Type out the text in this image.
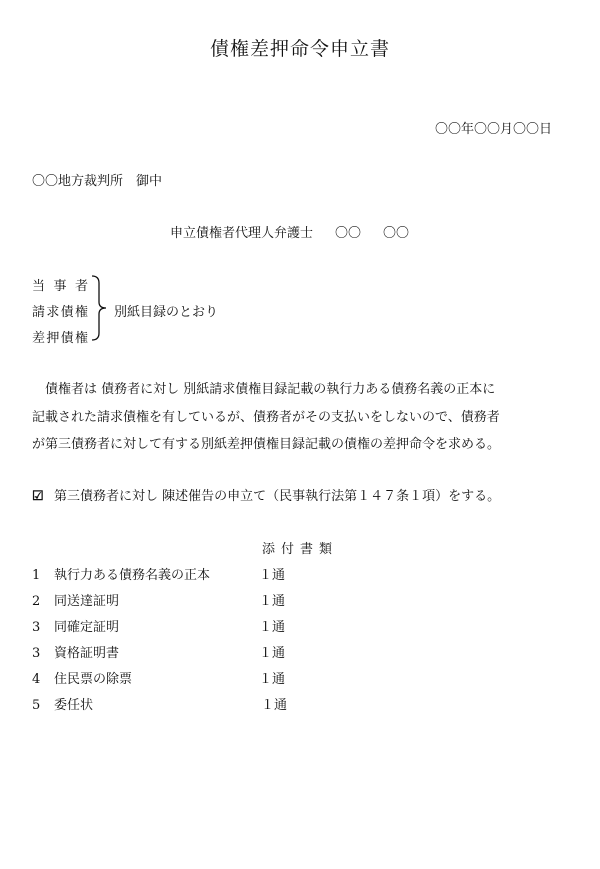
債権差押命令申立書
〇〇年〇〇月〇〇日
〇〇地方裁判所　御中
申立債権者代理人弁護士 〇〇 〇〇
当事者
請求債権
差押債権
別紙目録のとおり

債権者は 債務者に対し 別紙請求債権目録記載の執行力ある債務名義の正本に

記載された請求債権を有しているが、債務者がその支払いをしないので、債務者

が第三債務者に対して有する別紙差押債権目録記載の債権の差押命令を求める。

☑ 第三債務者に対し 陳述催告の申立て（民事執行法第１４７条１項）をする。
添付書類
1 執行力ある債務名義の正本	１通
2 同送達証明	１通
3 同確定証明	１通
3 資格証明書	１通
4 住民票の除票	１通
5 委任状	１通
